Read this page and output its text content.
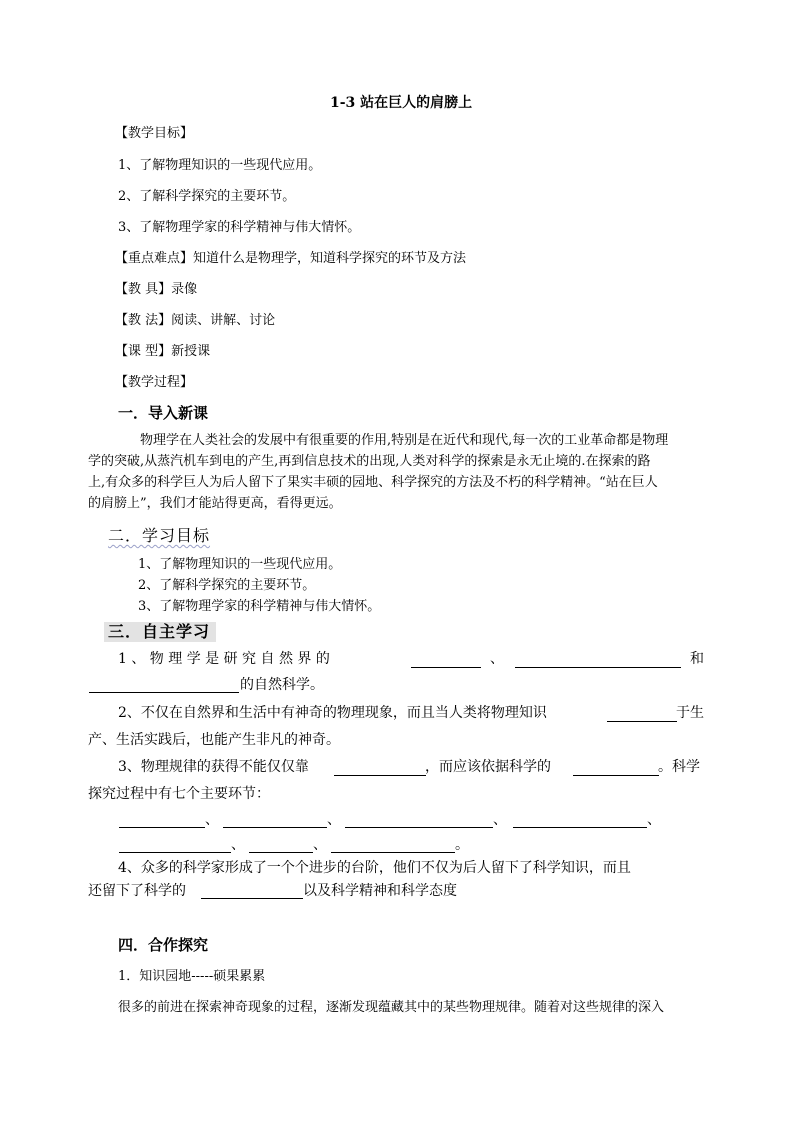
1-3 站在巨人的肩膀上
【教学目标】
1、了解物理知识的一些现代应用。
2、了解科学探究的主要环节。
3、了解物理学家的科学精神与伟大情怀。
【重点难点】知道什么是物理学，知道科学探究的环节及方法
【教 具】录像
【教 法】阅读、讲解、讨论
【课 型】新授课
【教学过程】
一．导入新课
物理学在人类社会的发展中有很重要的作用,特别是在近代和现代,每一次的工业革命都是物理
学的突破,从蒸汽机车到电的产生,再到信息技术的出现,人类对科学的探索是永无止境的.在探索的路
上,有众多的科学巨人为后人留下了果实丰硕的园地、科学探究的方法及不朽的科学精神。“站在巨人
的肩膀上”，我们才能站得更高，看得更远。
二．学习目标
1、了解物理知识的一些现代应用。
2、了解科学探究的主要环节。
3、了解物理学家的科学精神与伟大情怀。
三．自主学习
1 、 物 理 学 是 研 究 自 然 界 的	、	和
的自然科学。
2、不仅在自然界和生活中有神奇的物理现象，而且当人类将物理知识	于生
产、生活实践后，也能产生非凡的神奇。
3、物理规律的获得不能仅仅靠	，而应该依据科学的	。科学
探究过程中有七个主要环节：
、	、	、	、
、	、	。
4、众多的科学家形成了一个个进步的台阶，他们不仅为后人留下了科学知识，而且
还留下了科学的	以及科学精神和科学态度
四．合作探究
1．知识园地-----硕果累累
很多的前进在探索神奇现象的过程，逐渐发现蕴藏其中的某些物理规律。随着对这些规律的深入
